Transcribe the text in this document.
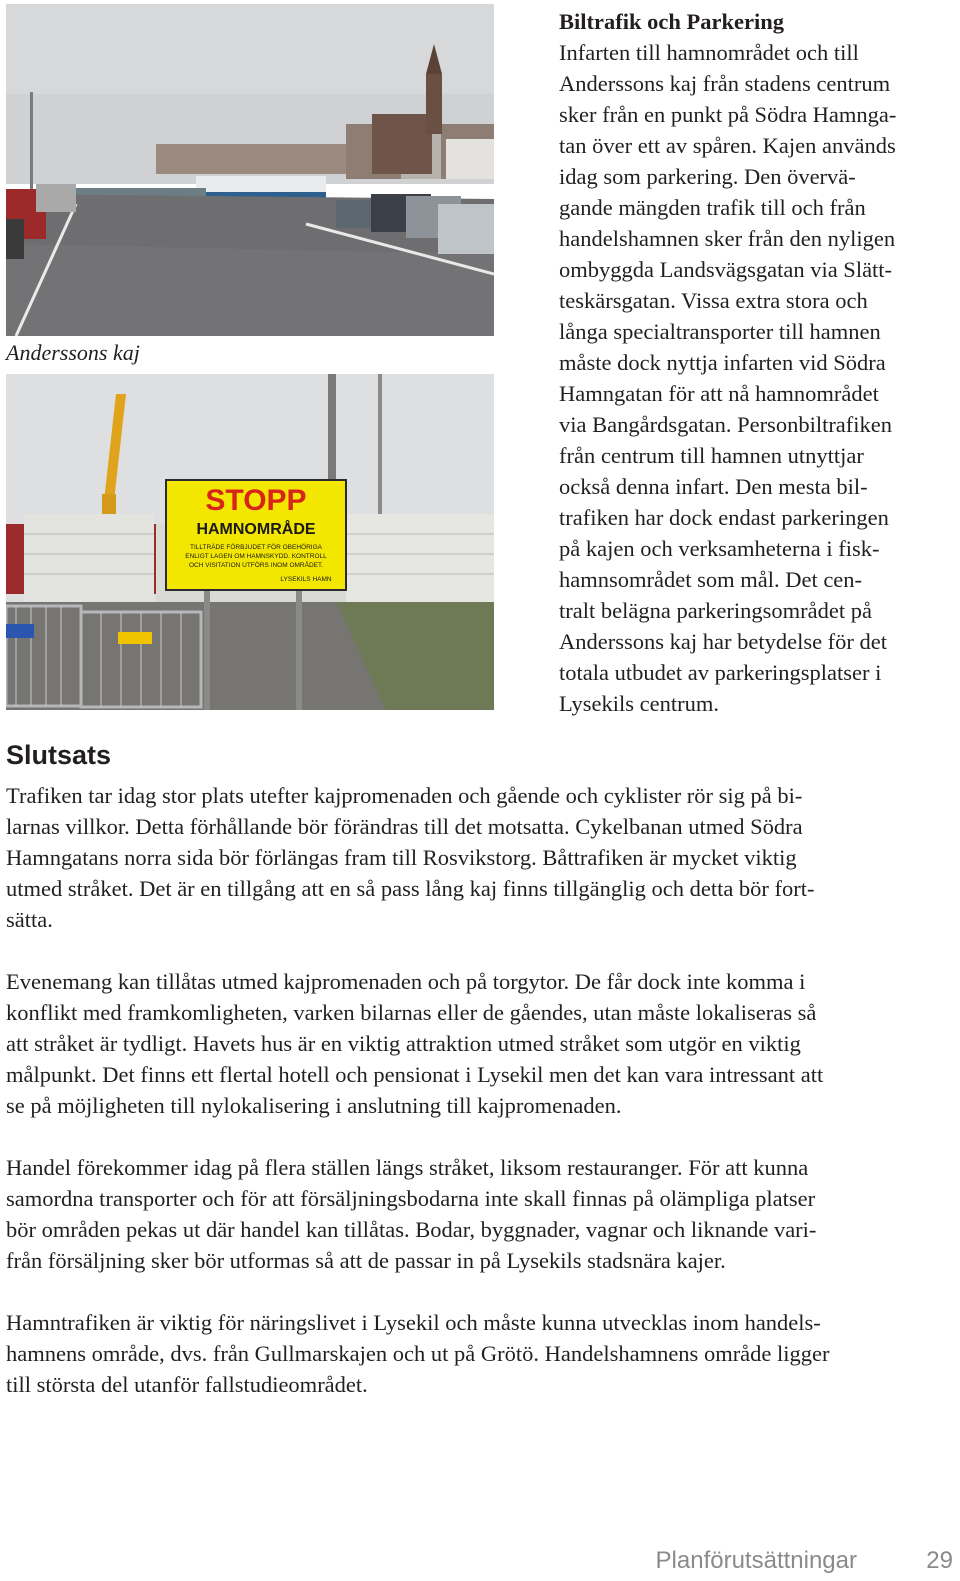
Anderssons kaj
STOPP
HAMNOMRÅDE
TILLTRÄDE FÖRBJUDET FÖR OBEHÖRIGA
ENLIGT LAGEN OM HAMNSKYDD. KONTROLL
OCH VISITATION UTFÖRS INOM OMRÅDET.
LYSEKILS HAMN
Biltrafik och Parkering
Infarten till hamnområdet och till
Anderssons kaj från stadens centrum
sker från en punkt på Södra Hamnga-
tan över ett av spåren. Kajen används
idag som parkering. Den övervä-
gande mängden trafik till och från
handelshamnen sker från den nyligen
ombyggda Landsvägsgatan via Slätt-
teskärsgatan. Vissa extra stora och
långa specialtransporter till hamnen
måste dock nyttja infarten vid Södra
Hamngatan för att nå hamnområdet
via Bangårdsgatan. Personbiltrafiken
från centrum till hamnen utnyttjar
också denna infart. Den mesta bil-
trafiken har dock endast parkeringen
på kajen och verksamheterna i fisk-
hamnsområdet som mål. Det cen-
tralt belägna parkeringsområdet på
Anderssons kaj har betydelse för det
totala utbudet av parkeringsplatser i
Lysekils centrum.
Slutsats
Trafiken tar idag stor plats utefter kajpromenaden och gående och cyklister rör sig på bi-
larnas villkor. Detta förhållande bör förändras till det motsatta. Cykelbanan utmed Södra
Hamngatans norra sida bör förlängas fram till Rosvikstorg. Båttrafiken är mycket viktig
utmed stråket. Det är en tillgång att en så pass lång kaj finns tillgänglig och detta bör fort-
sätta.
Evenemang kan tillåtas utmed kajpromenaden och på torgytor. De får dock inte komma i
konflikt med framkomligheten, varken bilarnas eller de gåendes, utan måste lokaliseras så
att stråket är tydligt. Havets hus är en viktig attraktion utmed stråket som utgör en viktig
målpunkt. Det finns ett flertal hotell och pensionat i Lysekil men det kan vara intressant att
se på möjligheten till nylokalisering i anslutning till kajpromenaden.
Handel förekommer idag på flera ställen längs stråket, liksom restauranger. För att kunna
samordna transporter och för att försäljningsbodarna inte skall finnas på olämpliga platser
bör områden pekas ut där handel kan tillåtas. Bodar, byggnader, vagnar och liknande vari-
från försäljning sker bör utformas så att de passar in på Lysekils stadsnära kajer.
Hamntrafiken är viktig för näringslivet i Lysekil och måste kunna utvecklas inom handels-
hamnens område, dvs. från Gullmarskajen och ut på Grötö. Handelshamnens område ligger
till största del utanför fallstudieområdet.
Planförutsättningar	29
